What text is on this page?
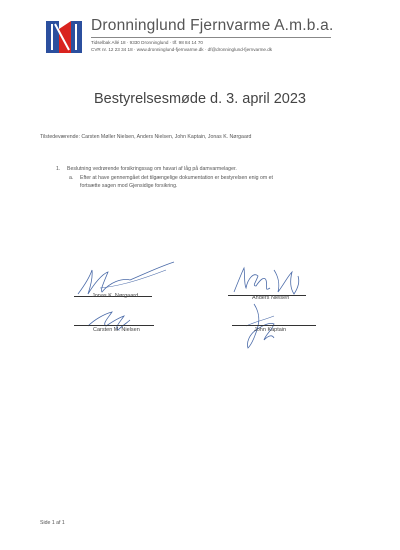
Dronninglund Fjernvarme A.m.b.a.
Tidselbak Allé 18 · 9330 Dronninglund · tlf. 98 84 14 70
CVR nr. 12 23 34 18 · www.dronninglund-fjernvarme.dk · df@dronninglund-fjernvarme.dk
Bestyrelsesmøde d. 3. april 2023
Tilstedeværende: Carsten Møller Nielsen, Anders Nielsen, John Kaptain, Jonas K. Nørgaard
1. Beslutning vedrørende forsikringssag om havari af låg på damvarmelager.
a. Efter at have gennemgået det tilgængelige dokumentation er bestyrelsen enig om et
fortsætte sagen mod Gjensidige forsikring.
Jonas K. Nørgaard	Anders Nielsen
Carsten M. Nielsen	John Kaptain
Side 1 af 1
